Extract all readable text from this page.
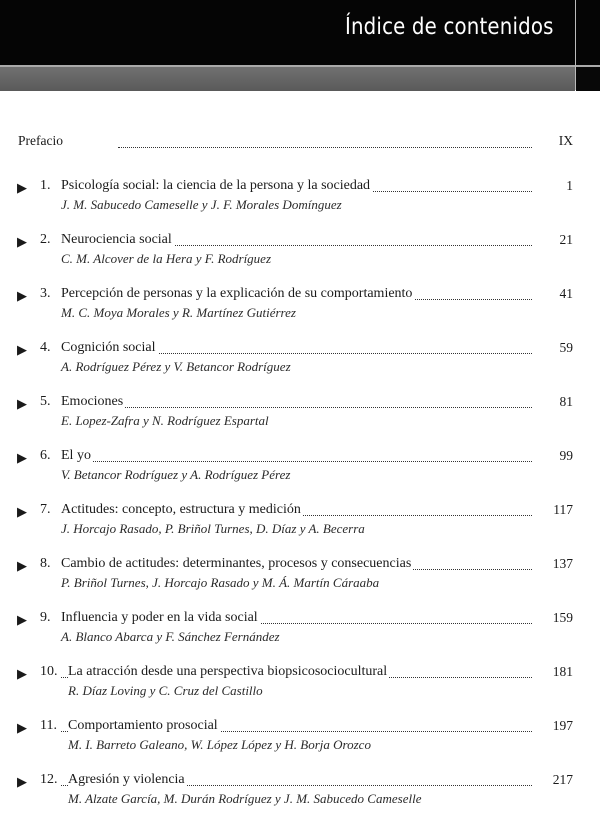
Índice de contenidos
Prefacio	IX
▶ 1. Psicología social: la ciencia de la persona y la sociedad	1
J. M. Sabucedo Cameselle y J. F. Morales Domínguez
▶ 2. Neurociencia social	21
C. M. Alcover de la Hera y F. Rodríguez
▶ 3. Percepción de personas y la explicación de su comportamiento	41
M. C. Moya Morales y R. Martínez Gutiérrez
▶ 4. Cognición social	59
A. Rodríguez Pérez y V. Betancor Rodríguez
▶ 5. Emociones	81
E. Lopez-Zafra y N. Rodríguez Espartal
▶ 6. El yo	99
V. Betancor Rodríguez y A. Rodríguez Pérez
▶ 7. Actitudes: concepto, estructura y medición	117
J. Horcajo Rasado, P. Briñol Turnes, D. Díaz y A. Becerra
▶ 8. Cambio de actitudes: determinantes, procesos y consecuencias	137
P. Briñol Turnes, J. Horcajo Rasado y M. Á. Martín Cáraaba
▶ 9. Influencia y poder en la vida social	159
A. Blanco Abarca y F. Sánchez Fernández
▶ 10. La atracción desde una perspectiva biopsicosociocultural	181
R. Díaz Loving y C. Cruz del Castillo
▶ 11. Comportamiento prosocial	197
M. I. Barreto Galeano, W. López López y H. Borja Orozco
▶ 12. Agresión y violencia	217
M. Alzate García, M. Durán Rodríguez y J. M. Sabucedo Cameselle
